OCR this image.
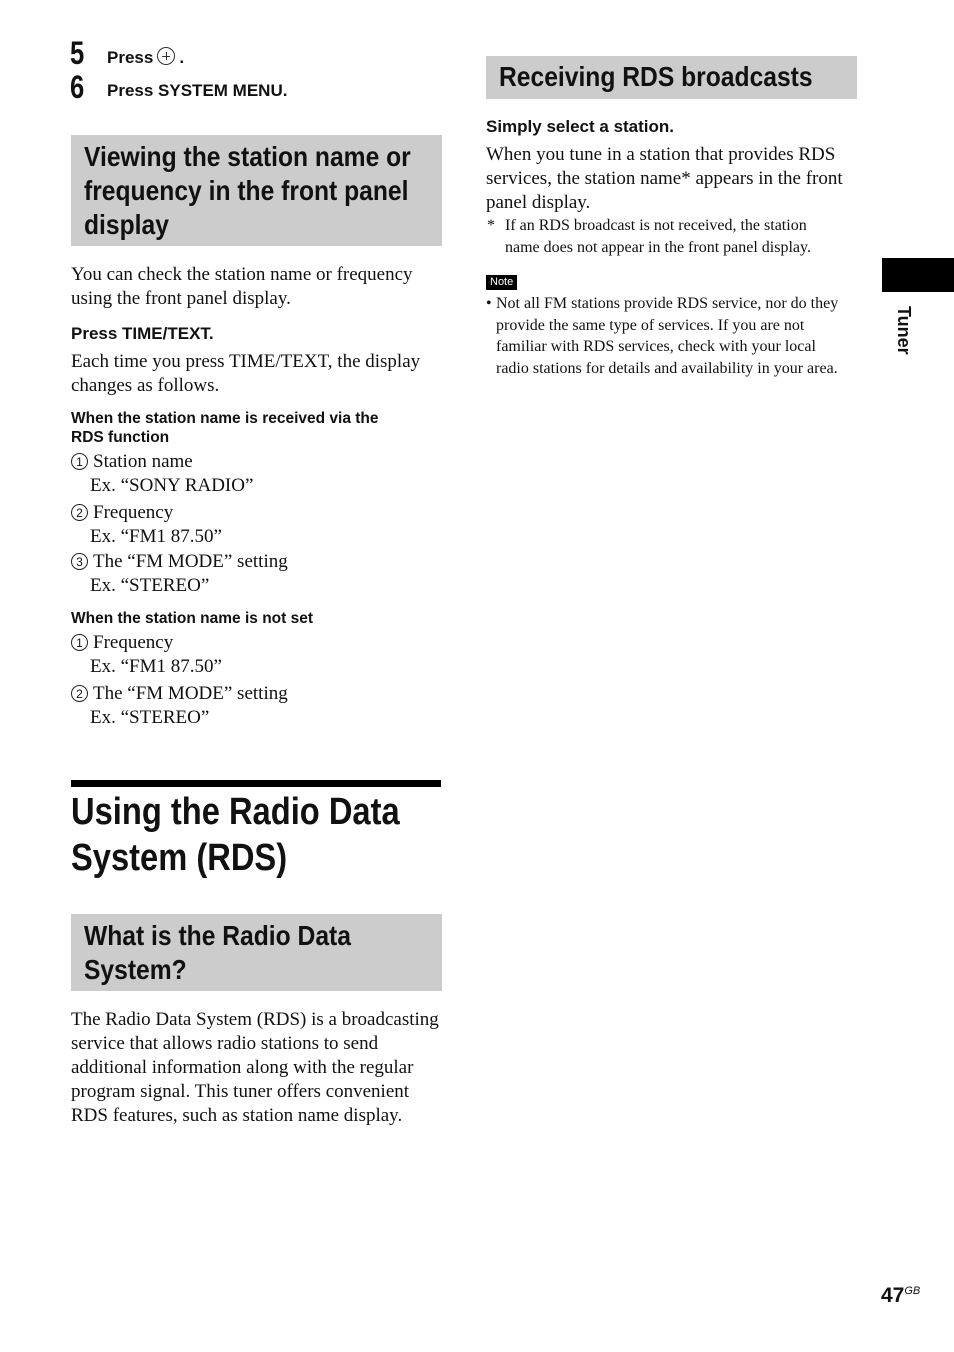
5 Press .
6 Press SYSTEM MENU.
Viewing the station name or
frequency in the front panel
display
You can check the station name or frequency
using the front panel display.
Press TIME/TEXT.
Each time you press TIME/TEXT, the display
changes as follows.
When the station name is received via the
RDS function
1 Station name
Ex. “SONY RADIO”
2 Frequency
Ex. “FM1 87.50”
3 The “FM MODE” setting
Ex. “STEREO”
When the station name is not set
1 Frequency
Ex. “FM1 87.50”
2 The “FM MODE” setting
Ex. “STEREO”
Using the Radio Data
System (RDS)
What is the Radio Data
System?
The Radio Data System (RDS) is a broadcasting
service that allows radio stations to send
additional information along with the regular
program signal. This tuner offers convenient
RDS features, such as station name display.
Receiving RDS broadcasts
Simply select a station.
When you tune in a station that provides RDS
services, the station name* appears in the front
panel display.
* If an RDS broadcast is not received, the station
name does not appear in the front panel display.
Note
• Not all FM stations provide RDS service, nor do they
provide the same type of services. If you are not
familiar with RDS services, check with your local
radio stations for details and availability in your area.
Tuner
$47^{GB}$
